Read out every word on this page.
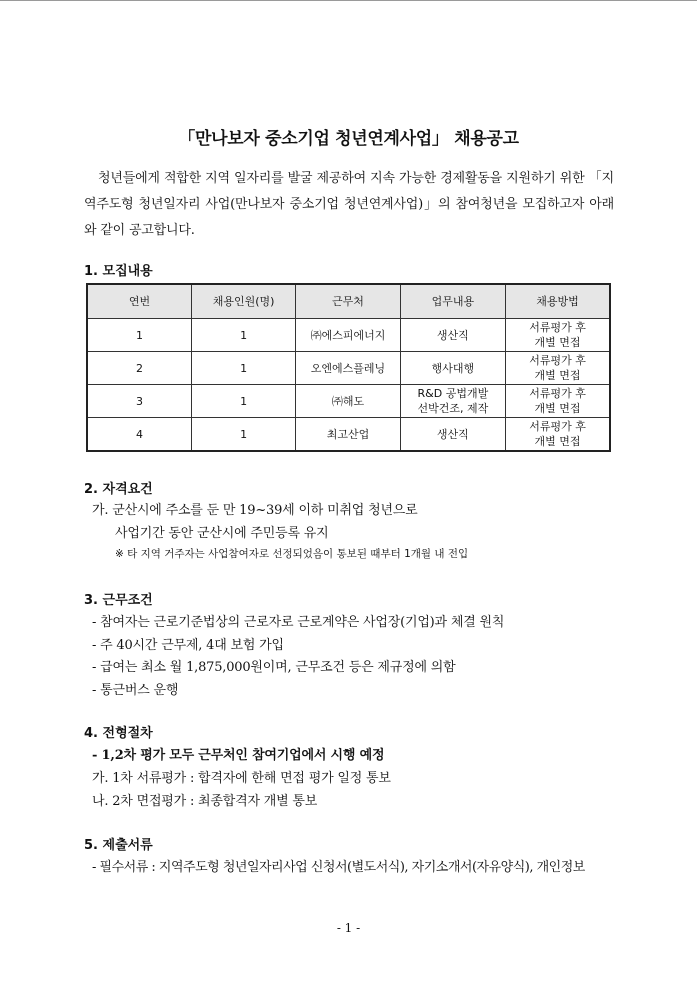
「만나보자 중소기업 청년연계사업」 채용공고
청년들에게 적합한 지역 일자리를 발굴 제공하여 지속 가능한 경제활동을 지원하기 위한 「지역주도형 청년일자리 사업(만나보자 중소기업 청년연계사업)」의 참여청년을 모집하고자 아래와 같이 공고합니다.
1. 모집내용
연번	채용인원(명)	근무처	업무내용	채용방법
1	1	㈜에스피에너지	생산직	서류평가 후
개별 면접
2	1	오엔에스플레닝	행사대행	서류평가 후
개별 면접
3	1	㈜해도	R&D 공법개발
선박건조, 제작	서류평가 후
개별 면접
4	1	최고산업	생산직	서류평가 후
개별 면접
2. 자격요건
가. 군산시에 주소를 둔 만 19~39세 이하 미취업 청년으로
사업기간 동안 군산시에 주민등록 유지
※ 타 지역 거주자는 사업참여자로 선정되었음이 통보된 때부터 1개월 내 전입
3. 근무조건
- 참여자는 근로기준법상의 근로자로 근로계약은 사업장(기업)과 체결 원칙
- 주 40시간 근무제, 4대 보험 가입
- 급여는 최소 월 1,875,000원이며, 근무조건 등은 제규정에 의함
- 통근버스 운행
4. 전형절차
- 1,2차 평가 모두 근무처인 참여기업에서 시행 예정
가. 1차 서류평가 : 합격자에 한해 면접 평가 일정 통보
나. 2차 면접평가 : 최종합격자 개별 통보
5. 제출서류
- 필수서류 : 지역주도형 청년일자리사업 신청서(별도서식), 자기소개서(자유양식), 개인정보
- 1 -
